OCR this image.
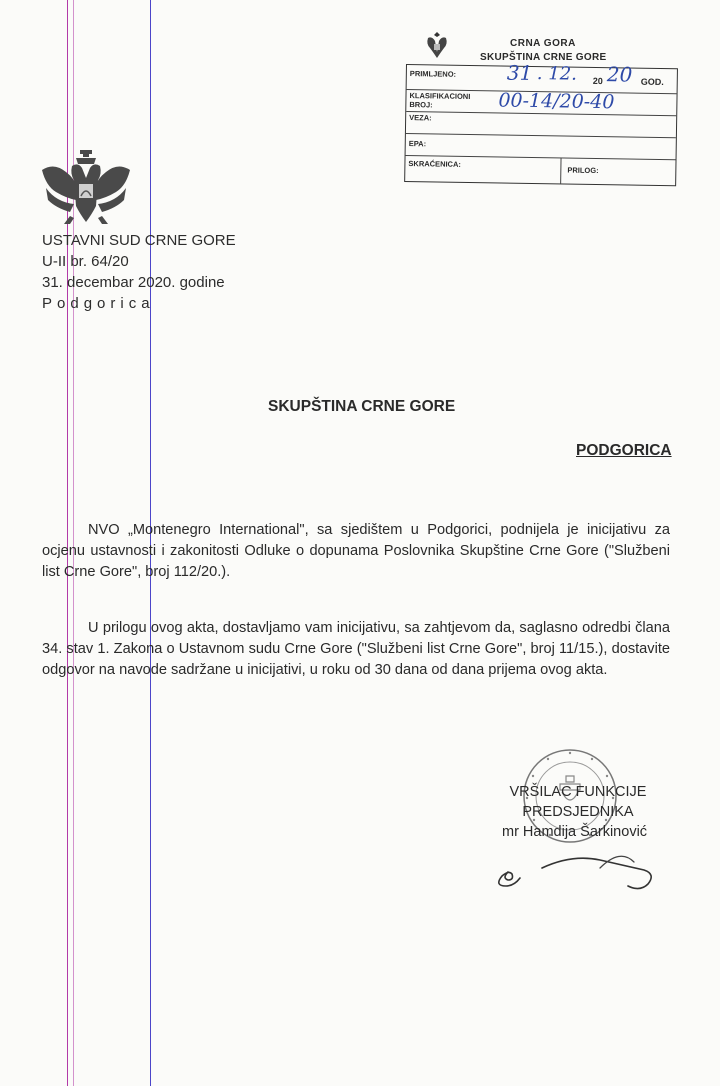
CRNA GORA
SKUPŠTINA CRNE GORE
PRIMLJENO:	31 . 12. 20 20 GOD.
KLASIFIKACIONI
BROJ:	00-14/20-40
VEZA:
EPA:
SKRAĆENICA:
PRILOG:
USTAVNI SUD CRNE GORE
U-II br. 64/20
31. decembar 2020. godine
Podgorica
SKUPŠTINA CRNE GORE
PODGORICA
NVO „Montenegro International", sa sjedištem u Podgorici, podnijela je inicijativu za ocjenu ustavnosti i zakonitosti Odluke o dopunama Poslovnika Skupštine Crne Gore ("Službeni list Crne Gore", broj 112/20.).
U prilogu ovog akta, dostavljamo vam inicijativu, sa zahtjevom da, saglasno odredbi člana 34. stav 1. Zakona o Ustavnom sudu Crne Gore ("Službeni list Crne Gore", broj 11/15.), dostavite odgovor na navode sadržane u inicijativi, u roku od 30 dana od dana prijema ovog akta.
VRŠILAC FUNKCIJE
PREDSJEDNIKA
mr Hamdija Šarkinović
